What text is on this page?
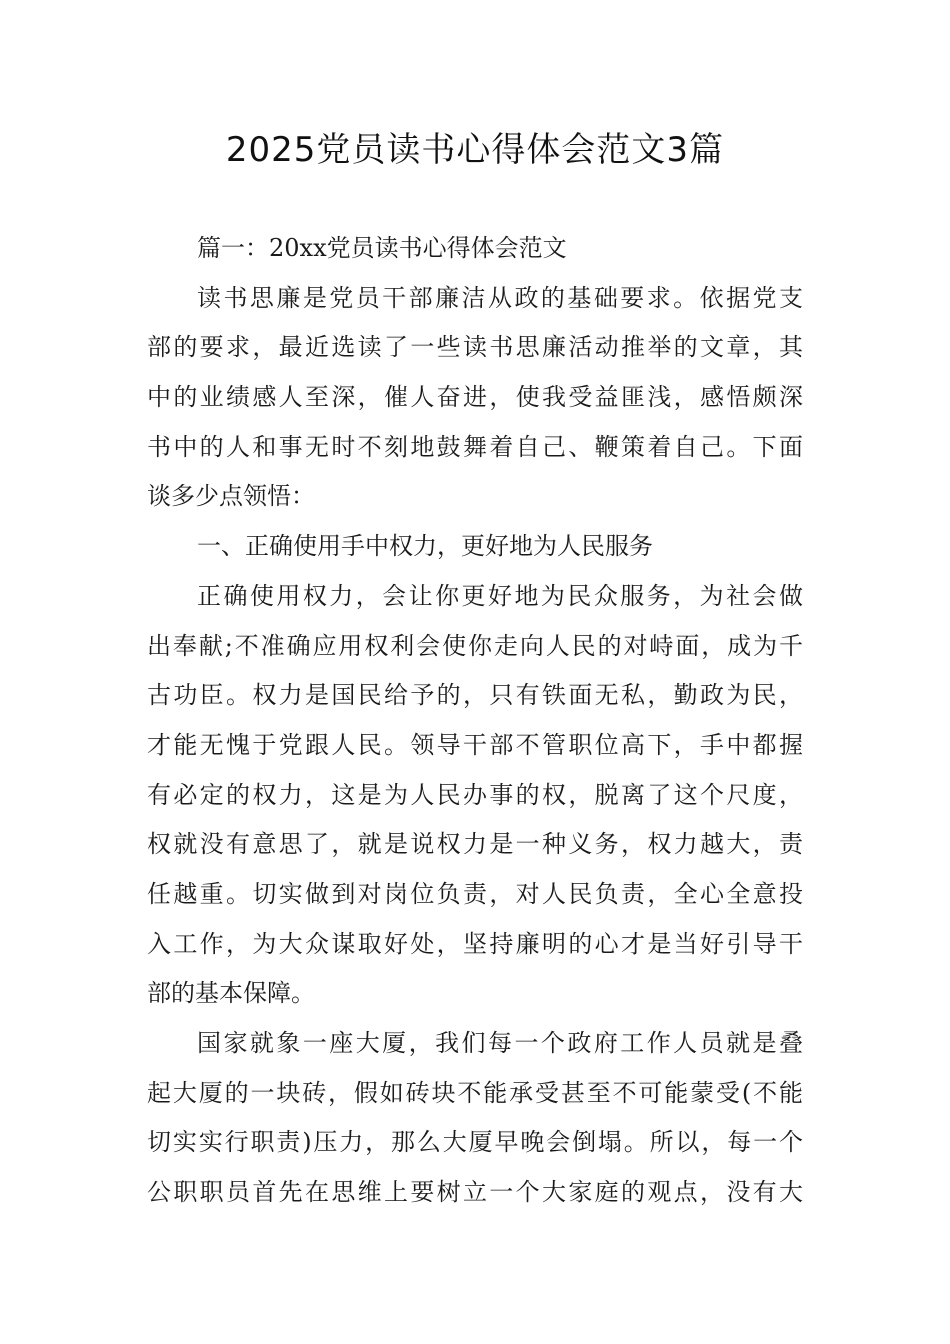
2025党员读书心得体会范文3篇
篇一：20xx党员读书心得体会范文
读书思廉是党员干部廉洁从政的基础要求。依据党支
部的要求，最近选读了一些读书思廉活动推举的文章，其
中的业绩感人至深，催人奋进，使我受益匪浅，感悟颇深
书中的人和事无时不刻地鼓舞着自己、鞭策着自己。下面
谈多少点领悟：
一、正确使用手中权力，更好地为人民服务
正确使用权力，会让你更好地为民众服务，为社会做
出奉献;不准确应用权利会使你走向人民的对峙面，成为千
古功臣。权力是国民给予的，只有铁面无私，勤政为民，
才能无愧于党跟人民。领导干部不管职位高下，手中都握
有必定的权力，这是为人民办事的权，脱离了这个尺度，
权就没有意思了，就是说权力是一种义务，权力越大，责
任越重。切实做到对岗位负责，对人民负责，全心全意投
入工作，为大众谋取好处，坚持廉明的心才是当好引导干
部的基本保障。
国家就象一座大厦，我们每一个政府工作人员就是叠
起大厦的一块砖，假如砖块不能承受甚至不可能蒙受(不能
切实实行职责)压力，那么大厦早晚会倒塌。所以，每一个
公职职员首先在思维上要树立一个大家庭的观点，没有大
